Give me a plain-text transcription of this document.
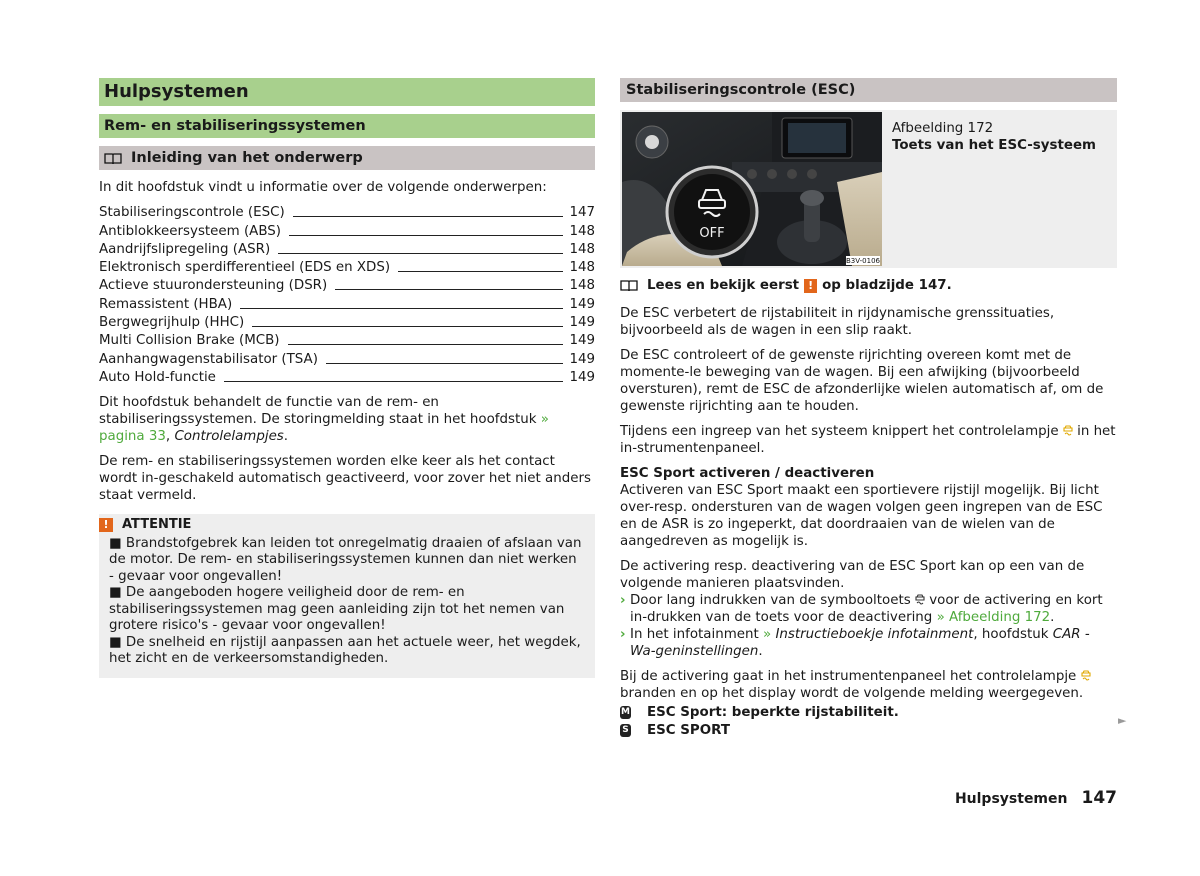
Hulpsystemen
Rem- en stabiliseringssystemen
Inleiding van het onderwerp

In dit hoofdstuk vindt u informatie over de volgende onderwerpen:

Stabiliseringscontrole (ESC)	147
Antiblokkeersysteem (ABS)	148
Aandrijfslipregeling (ASR)	148
Elektronisch sperdifferentieel (EDS en XDS)	148
Actieve stuurondersteuning (DSR)	148
Remassistent (HBA)	149
Bergwegrijhulp (HHC)	149
Multi Collision Brake (MCB)	149
Aanhangwagenstabilisator (TSA)	149
Auto Hold-functie	149

Dit hoofdstuk behandelt de functie van de rem- en stabiliseringssystemen. De storingmelding staat in het hoofdstuk » pagina 33, Controlelampjes.

De rem- en stabiliseringssystemen worden elke keer als het contact wordt in-geschakeld automatisch geactiveerd, voor zover het niet anders staat vermeld.

!	ATTENTIE

■ Brandstofgebrek kan leiden tot onregelmatig draaien of afslaan van de motor. De rem- en stabiliseringssystemen kunnen dan niet werken - gevaar voor ongevallen!

■ De aangeboden hogere veiligheid door de rem- en stabiliseringssystemen mag geen aanleiding zijn tot het nemen van grotere risico's - gevaar voor ongevallen!

■ De snelheid en rijstijl aanpassen aan het actuele weer, het wegdek, het zicht en de verkeersomstandigheden.

Stabiliseringscontrole (ESC)
OFF
B3V-0106
Afbeelding 172
Toets van het ESC-systeem
Lees en bekijk eerst ! op bladzijde 147.

De ESC verbetert de rijstabiliteit in rijdynamische grenssituaties, bijvoorbeeld als de wagen in een slip raakt.

De ESC controleert of de gewenste rijrichting overeen komt met de momente-le beweging van de wagen. Bij een afwijking (bijvoorbeeld oversturen), remt de ESC de afzonderlijke wielen automatisch af, om de gewenste rijrichting aan te houden.

Tijdens een ingreep van het systeem knippert het controlelampje in het in-strumentenpaneel.

ESC Sport activeren / deactiveren

Activeren van ESC Sport maakt een sportievere rijstijl mogelijk. Bij licht over-resp. ondersturen van de wagen volgen geen ingrepen van de ESC en de ASR is zo ingeperkt, dat doordraaien van de wielen van de aangedreven as mogelijk is.

De activering resp. deactivering van de ESC Sport kan op een van de volgende manieren plaatsvinden.

› Door lang indrukken van de symbooltoets voor de activering en kort in-drukken van de toets voor de deactivering » Afbeelding 172.
› In het infotainment » Instructieboekje infotainment, hoofdstuk CAR - Wa-geninstellingen.

Bij de activering gaat in het instrumentenpaneel het controlelampje  branden en op het display wordt de volgende melding weergegeven.

M ESC Sport: beperkte rijstabiliteit.
S ESC SPORT
►
Hulpsystemen 147
